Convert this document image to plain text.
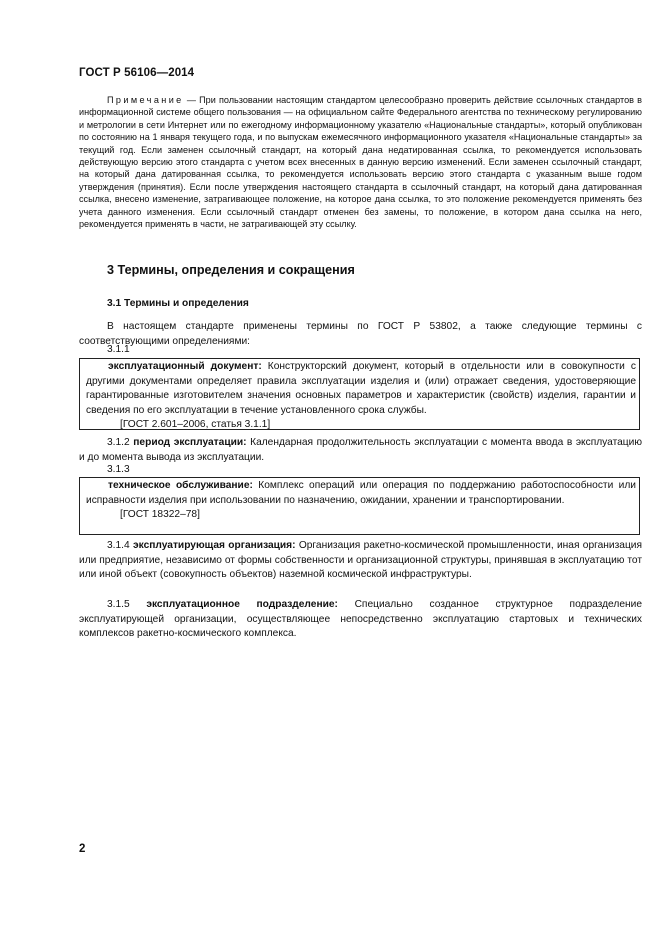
ГОСТ Р 56106—2014

Примечание — При пользовании настоящим стандартом целесообразно проверить действие ссылочных стандартов в информационной системе общего пользования — на официальном сайте Федерального агентства по техническому регулированию и метрологии в сети Интернет или по ежегодному информационному указателю «Национальные стандарты», который опубликован по состоянию на 1 января текущего года, и по выпускам ежемесячного информационного указателя «Национальные стандарты» за текущий год. Если заменен ссылочный стандарт, на который дана недатированная ссылка, то рекомендуется использовать действующую версию этого стандарта с учетом всех внесенных в данную версию изменений. Если заменен ссылочный стандарт, на который дана датированная ссылка, то рекомендуется использовать версию этого стандарта с указанным выше годом утверждения (принятия). Если после утверждения настоящего стандарта в ссылочный стандарт, на который дана датированная ссылка, внесено изменение, затрагивающее положение, на которое дана ссылка, то это положение рекомендуется применять без учета данного изменения. Если ссылочный стандарт отменен без замены, то положение, в котором дана ссылка на него, рекомендуется применять в части, не затрагивающей эту ссылку.

3 Термины, определения и сокращения
3.1 Термины и определения

В настоящем стандарте применены термины по ГОСТ Р 53802, а также следующие термины с соответствующими определениями:

3.1.1

эксплуатационный документ: Конструкторский документ, который в отдельности или в совокупности с другими документами определяет правила эксплуатации изделия и (или) отражает сведения, удостоверяющие гарантированные изготовителем значения основных параметров и характеристик (свойств) изделия, гарантии и сведения по его эксплуатации в течение установленного срока службы.

[ГОСТ 2.601–2006, статья 3.1.1]

3.1.2 период эксплуатации: Календарная продолжительность эксплуатации с момента ввода в эксплуатацию и до момента вывода из эксплуатации.

3.1.3

техническое обслуживание: Комплекс операций или операция по поддержанию работоспособности или исправности изделия при использовании по назначению, ожидании, хранении и транспортировании.

[ГОСТ 18322–78]

3.1.4 эксплуатирующая организация: Организация ракетно-космической промышленности, иная организация или предприятие, независимо от формы собственности и организационной структуры, принявшая в эксплуатацию тот или иной объект (совокупность объектов) наземной космической инфраструктуры.

3.1.5 эксплуатационное подразделение: Специально созданное структурное подразделение эксплуатирующей организации, осуществляющее непосредственно эксплуатацию стартовых и технических комплексов ракетно-космического комплекса.

2
